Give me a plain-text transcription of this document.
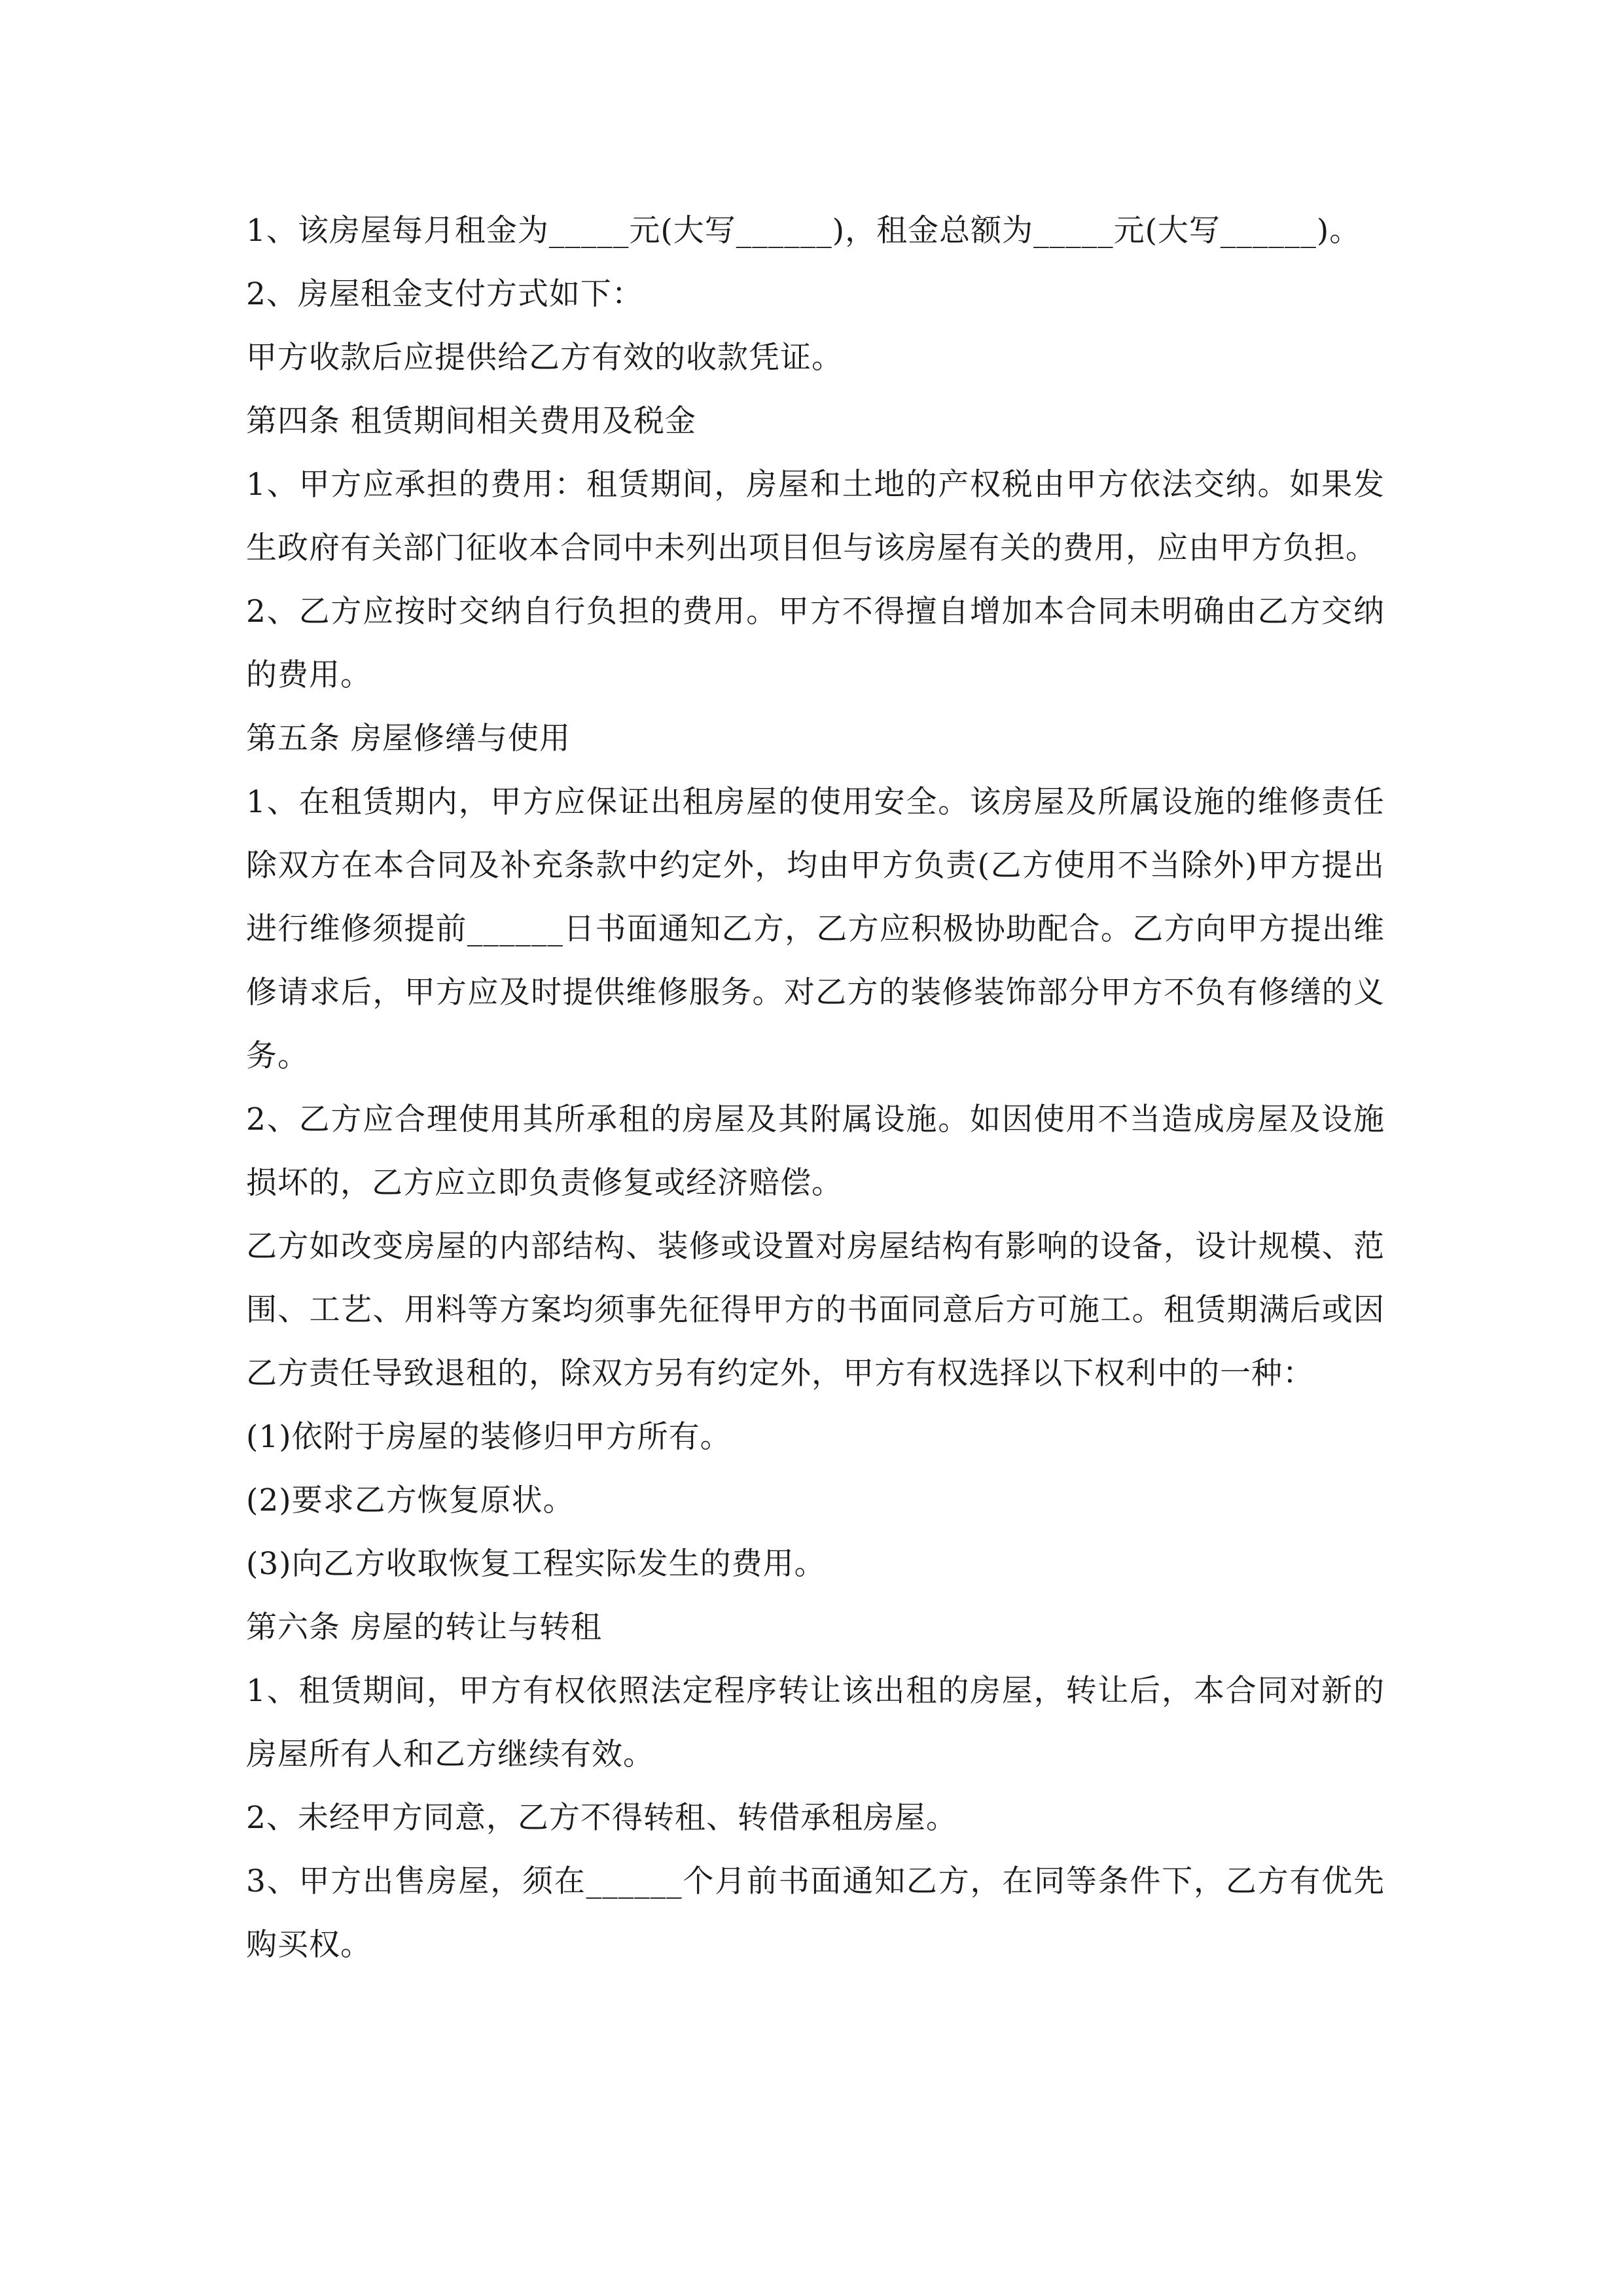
1、该房屋每月租金为_____元(大写______)，租金总额为_____元(大写______)。

2、房屋租金支付方式如下：

甲方收款后应提供给乙方有效的收款凭证。

第四条 租赁期间相关费用及税金

1、甲方应承担的费用：租赁期间，房屋和土地的产权税由甲方依法交纳。如果发生政府有关部门征收本合同中未列出项目但与该房屋有关的费用，应由甲方负担。

2、乙方应按时交纳自行负担的费用。甲方不得擅自增加本合同未明确由乙方交纳的费用。

第五条 房屋修缮与使用

1、在租赁期内，甲方应保证出租房屋的使用安全。该房屋及所属设施的维修责任除双方在本合同及补充条款中约定外，均由甲方负责(乙方使用不当除外)甲方提出进行维修须提前______日书面通知乙方，乙方应积极协助配合。乙方向甲方提出维修请求后，甲方应及时提供维修服务。对乙方的装修装饰部分甲方不负有修缮的义务。

2、乙方应合理使用其所承租的房屋及其附属设施。如因使用不当造成房屋及设施损坏的，乙方应立即负责修复或经济赔偿。

乙方如改变房屋的内部结构、装修或设置对房屋结构有影响的设备，设计规模、范围、工艺、用料等方案均须事先征得甲方的书面同意后方可施工。租赁期满后或因乙方责任导致退租的，除双方另有约定外，甲方有权选择以下权利中的一种：

(1)依附于房屋的装修归甲方所有。

(2)要求乙方恢复原状。

(3)向乙方收取恢复工程实际发生的费用。

第六条 房屋的转让与转租

1、租赁期间，甲方有权依照法定程序转让该出租的房屋，转让后，本合同对新的房屋所有人和乙方继续有效。

2、未经甲方同意，乙方不得转租、转借承租房屋。

3、甲方出售房屋，须在______个月前书面通知乙方，在同等条件下，乙方有优先购买权。
